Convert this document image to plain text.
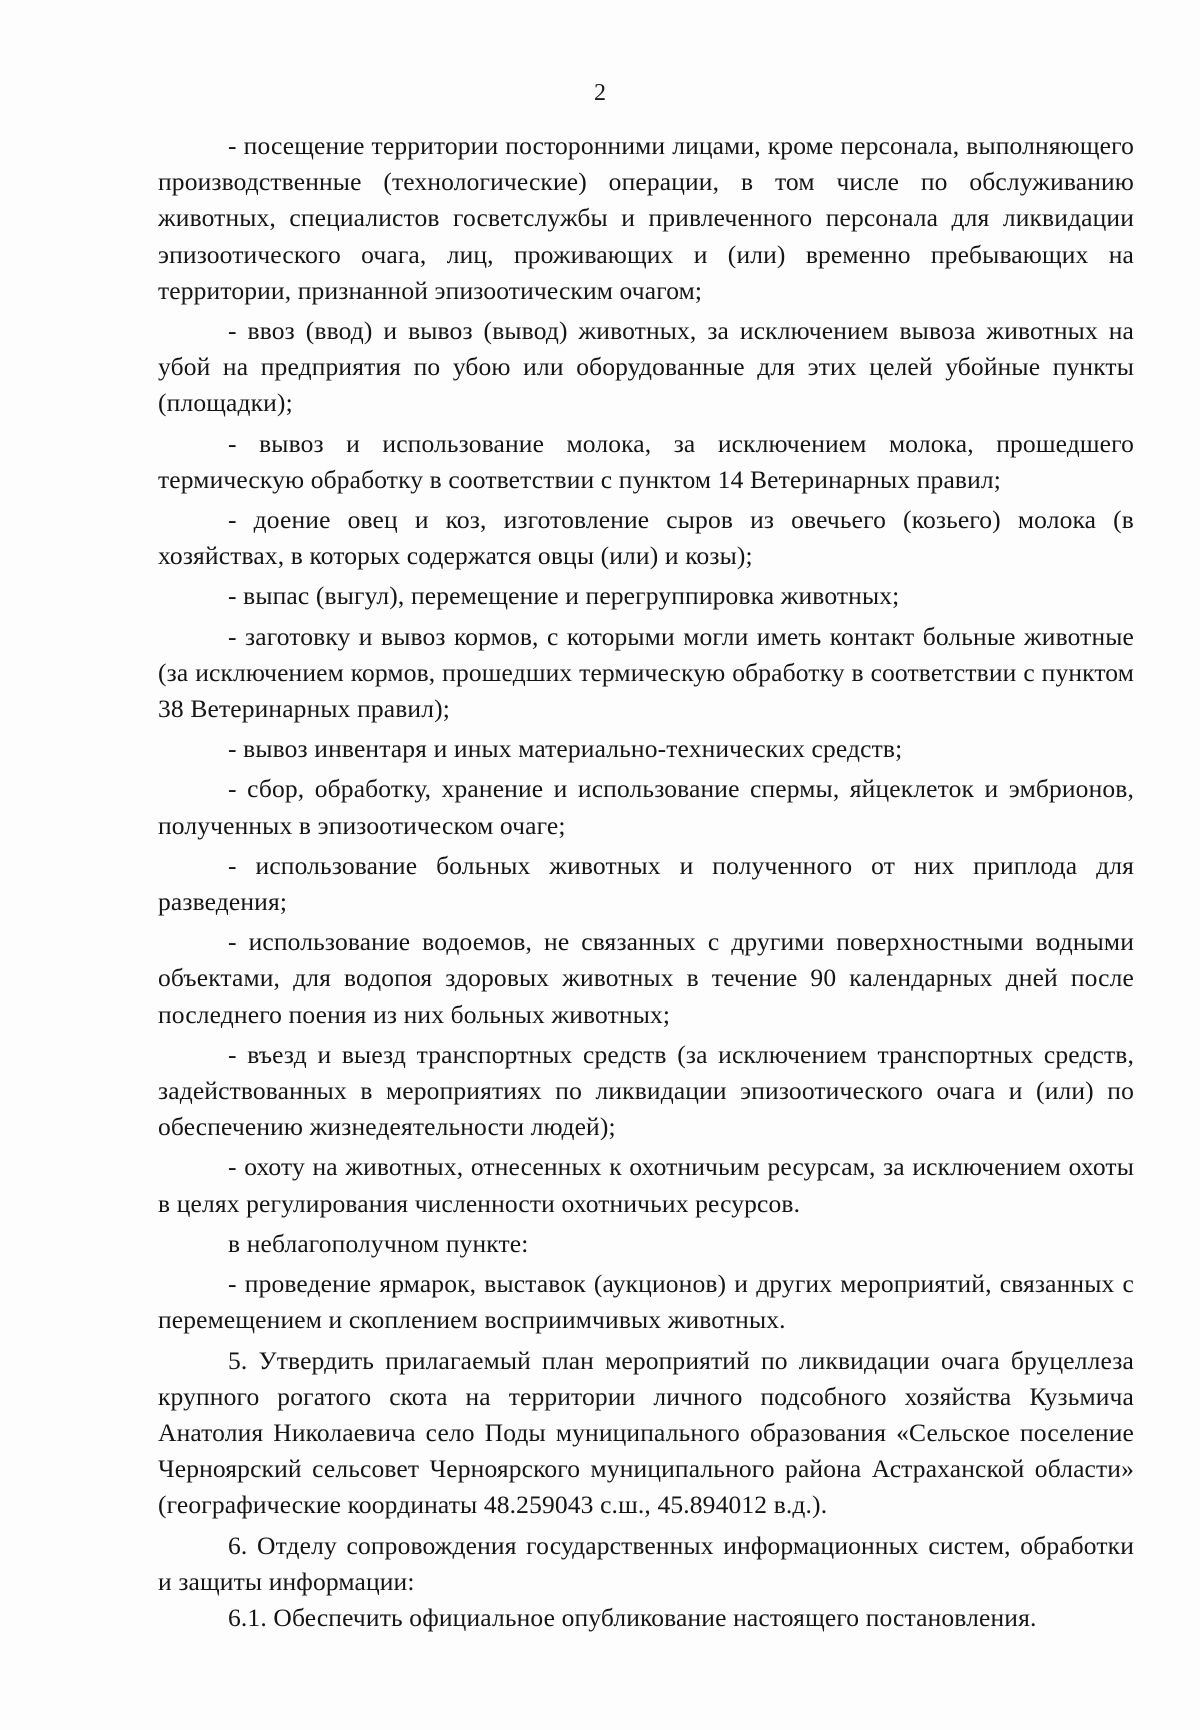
2

- посещение территории посторонними лицами, кроме персонала, выполняющего производственные (технологические) операции, в том числе по обслуживанию животных, специалистов госветслужбы и привлеченного персонала для ликвидации эпизоотического очага, лиц, проживающих и (или) временно пребывающих на территории, признанной эпизоотическим очагом;

- ввоз (ввод) и вывоз (вывод) животных, за исключением вывоза животных на убой на предприятия по убою или оборудованные для этих целей убойные пункты (площадки);

- вывоз и использование молока, за исключением молока, прошедшего термическую обработку в соответствии с пунктом 14 Ветеринарных правил;

- доение овец и коз, изготовление сыров из овечьего (козьего) молока (в хозяйствах, в которых содержатся овцы (или) и козы);

- выпас (выгул), перемещение и перегруппировка животных;

- заготовку и вывоз кормов, с которыми могли иметь контакт больные животные (за исключением кормов, прошедших термическую обработку в соответствии с пунктом 38 Ветеринарных правил);

- вывоз инвентаря и иных материально-технических средств;

- сбор, обработку, хранение и использование спермы, яйцеклеток и эмбрионов, полученных в эпизоотическом очаге;

- использование больных животных и полученного от них приплода для разведения;

- использование водоемов, не связанных с другими поверхностными водными объектами, для водопоя здоровых животных в течение 90 календарных дней после последнего поения из них больных животных;

- въезд и выезд транспортных средств (за исключением транспортных средств, задействованных в мероприятиях по ликвидации эпизоотического очага и (или) по обеспечению жизнедеятельности людей);

- охоту на животных, отнесенных к охотничьим ресурсам, за исключением охоты в целях регулирования численности охотничьих ресурсов.

в неблагополучном пункте:

- проведение ярмарок, выставок (аукционов) и других мероприятий, связанных с перемещением и скоплением восприимчивых животных.

5. Утвердить прилагаемый план мероприятий по ликвидации очага бруцеллеза крупного рогатого скота на территории личного подсобного хозяйства Кузьмича Анатолия Николаевича село Поды муниципального образования «Сельское поселение Черноярский сельсовет Черноярского муниципального района Астраханской области» (географические координаты 48.259043 с.ш., 45.894012 в.д.).

6. Отделу сопровождения государственных информационных систем, обработки и защиты информации:

6.1. Обеспечить официальное опубликование настоящего постановления.
